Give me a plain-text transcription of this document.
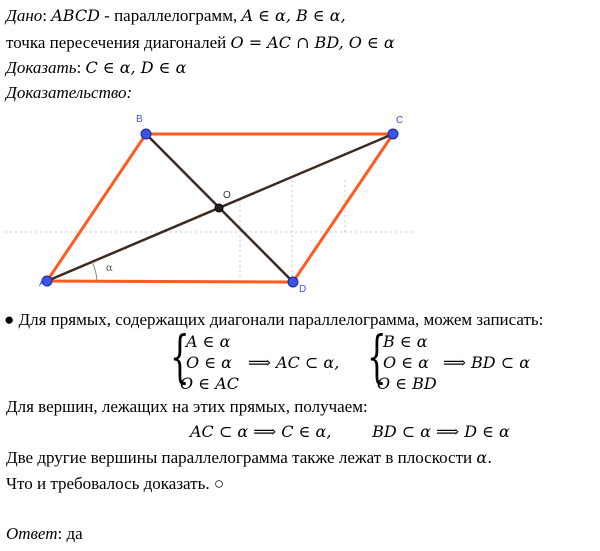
Дано: ABCD - параллелограмм, A ∈ α, B ∈ α,
точка пересечения диагоналей O = AC ∩ BD, O ∈ α
Доказать: C ∈ α, D ∈ α
Доказательство:
α
A
B	C
D
O
● Для прямых, содержащих диагонали параллелограмма, можем записать:
{
A ∈ α
O ∈ α
O ∈ AC
⟹ AC ⊂ α, {
B ∈ α
O ∈ α
O ∈ BD
⟹ BD ⊂ α
Для вершин, лежащих на этих прямых, получаем:
AC ⊂ α ⟹ C ∈ α,        BD ⊂ α ⟹ D ∈ α
Две другие вершины параллелограмма также лежат в плоскости α.
Что и требовалось доказать. ○
Ответ: да
